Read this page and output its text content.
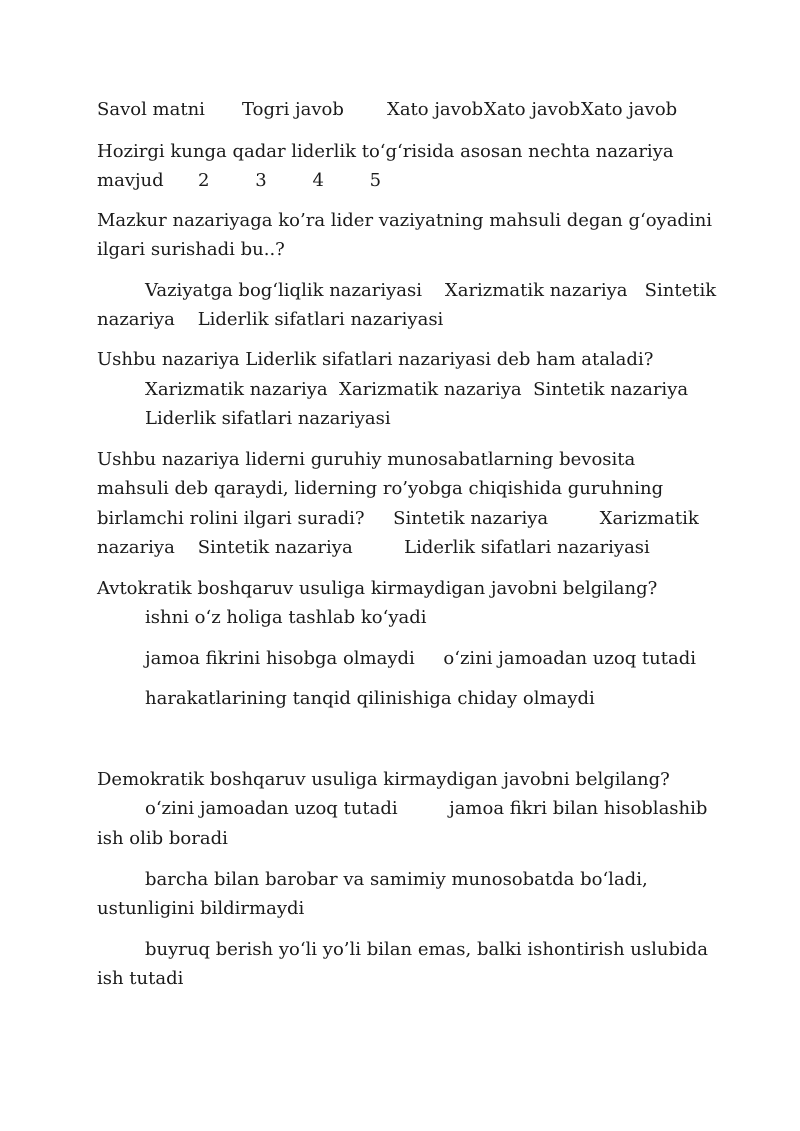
Savol matni Togri javob Xato javob Xato javob Xato javob
Hozirgi kunga qadar liderlik to‘g‘risida asosan nechta nazariya
mavjud      2        3        4        5
Mazkur nazariyaga ko’ra lider vaziyatning mahsuli degan g‘oyadini
ilgari surishadi bu..?
Vaziyatga bog‘liqlik nazariyasi    Xarizmatik nazariya   Sintetik
nazariya    Liderlik sifatlari nazariyasi
Ushbu nazariya Liderlik sifatlari nazariyasi deb ham ataladi?
Xarizmatik nazariya  Xarizmatik nazariya  Sintetik nazariya
Liderlik sifatlari nazariyasi
Ushbu nazariya liderni guruhiy munosabatlarning bevosita
mahsuli deb qaraydi, liderning ro’yobga chiqishida guruhning
birlamchi rolini ilgari suradi?     Sintetik nazariya         Xarizmatik
nazariya    Sintetik nazariya         Liderlik sifatlari nazariyasi
Avtokratik boshqaruv usuliga kirmaydigan javobni belgilang?
ishni o‘z holiga tashlab ko‘yadi
jamoa fikrini hisobga olmaydi     o‘zini jamoadan uzoq tutadi
harakatlarining tanqid qilinishiga chiday olmaydi
Demokratik boshqaruv usuliga kirmaydigan javobni belgilang?
o‘zini jamoadan uzoq tutadi         jamoa fikri bilan hisoblashib
ish olib boradi
barcha bilan barobar va samimiy munosobatda bo‘ladi,
ustunligini bildirmaydi
buyruq berish yo‘li yo’li bilan emas, balki ishontirish uslubida
ish tutadi
